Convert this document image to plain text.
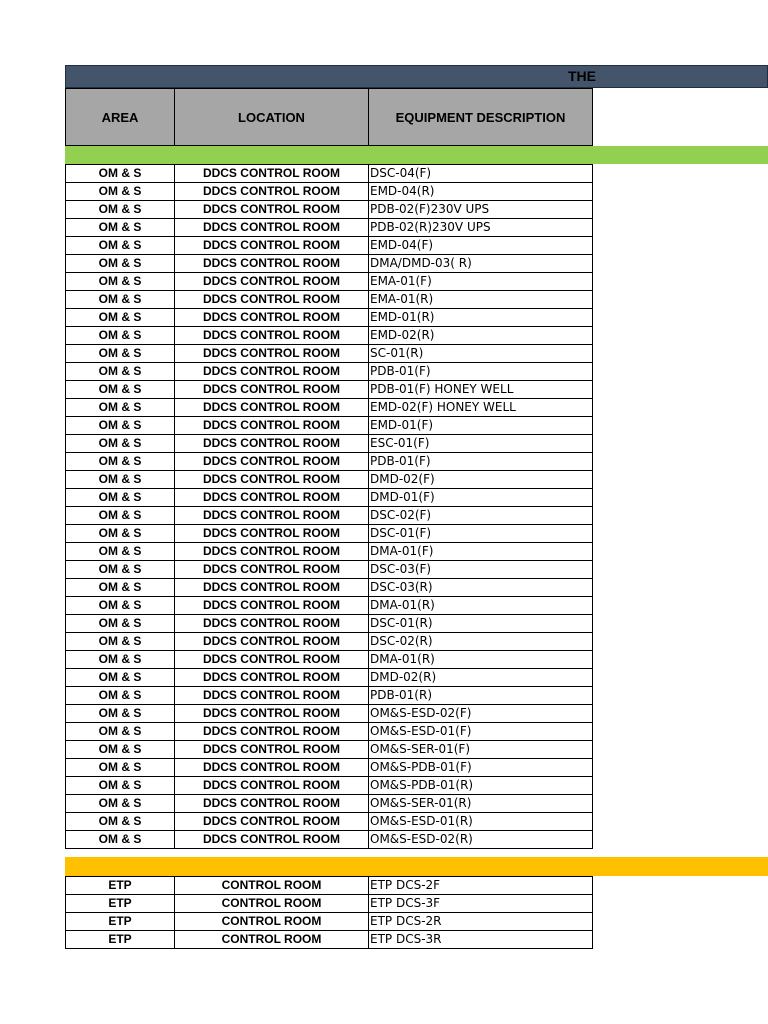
THE
AREA	LOCATION	EQUIPMENT DESCRIPTION
OM & S	DDCS CONTROL ROOM	DSC-04(F)
OM & S	DDCS CONTROL ROOM	EMD-04(R)
OM & S	DDCS CONTROL ROOM	PDB-02(F)230V UPS
OM & S	DDCS CONTROL ROOM	PDB-02(R)230V UPS
OM & S	DDCS CONTROL ROOM	EMD-04(F)
OM & S	DDCS CONTROL ROOM	DMA/DMD-03( R)
OM & S	DDCS CONTROL ROOM	EMA-01(F)
OM & S	DDCS CONTROL ROOM	EMA-01(R)
OM & S	DDCS CONTROL ROOM	EMD-01(R)
OM & S	DDCS CONTROL ROOM	EMD-02(R)
OM & S	DDCS CONTROL ROOM	SC-01(R)
OM & S	DDCS CONTROL ROOM	PDB-01(F)
OM & S	DDCS CONTROL ROOM	PDB-01(F) HONEY WELL
OM & S	DDCS CONTROL ROOM	EMD-02(F) HONEY WELL
OM & S	DDCS CONTROL ROOM	EMD-01(F)
OM & S	DDCS CONTROL ROOM	ESC-01(F)
OM & S	DDCS CONTROL ROOM	PDB-01(F)
OM & S	DDCS CONTROL ROOM	DMD-02(F)
OM & S	DDCS CONTROL ROOM	DMD-01(F)
OM & S	DDCS CONTROL ROOM	DSC-02(F)
OM & S	DDCS CONTROL ROOM	DSC-01(F)
OM & S	DDCS CONTROL ROOM	DMA-01(F)
OM & S	DDCS CONTROL ROOM	DSC-03(F)
OM & S	DDCS CONTROL ROOM	DSC-03(R)
OM & S	DDCS CONTROL ROOM	DMA-01(R)
OM & S	DDCS CONTROL ROOM	DSC-01(R)
OM & S	DDCS CONTROL ROOM	DSC-02(R)
OM & S	DDCS CONTROL ROOM	DMA-01(R)
OM & S	DDCS CONTROL ROOM	DMD-02(R)
OM & S	DDCS CONTROL ROOM	PDB-01(R)
OM & S	DDCS CONTROL ROOM	OM&S-ESD-02(F)
OM & S	DDCS CONTROL ROOM	OM&S-ESD-01(F)
OM & S	DDCS CONTROL ROOM	OM&S-SER-01(F)
OM & S	DDCS CONTROL ROOM	OM&S-PDB-01(F)
OM & S	DDCS CONTROL ROOM	OM&S-PDB-01(R)
OM & S	DDCS CONTROL ROOM	OM&S-SER-01(R)
OM & S	DDCS CONTROL ROOM	OM&S-ESD-01(R)
OM & S	DDCS CONTROL ROOM	OM&S-ESD-02(R)
ETP	CONTROL ROOM	ETP DCS-2F
ETP	CONTROL ROOM	ETP DCS-3F
ETP	CONTROL ROOM	ETP DCS-2R
ETP	CONTROL ROOM	ETP DCS-3R
